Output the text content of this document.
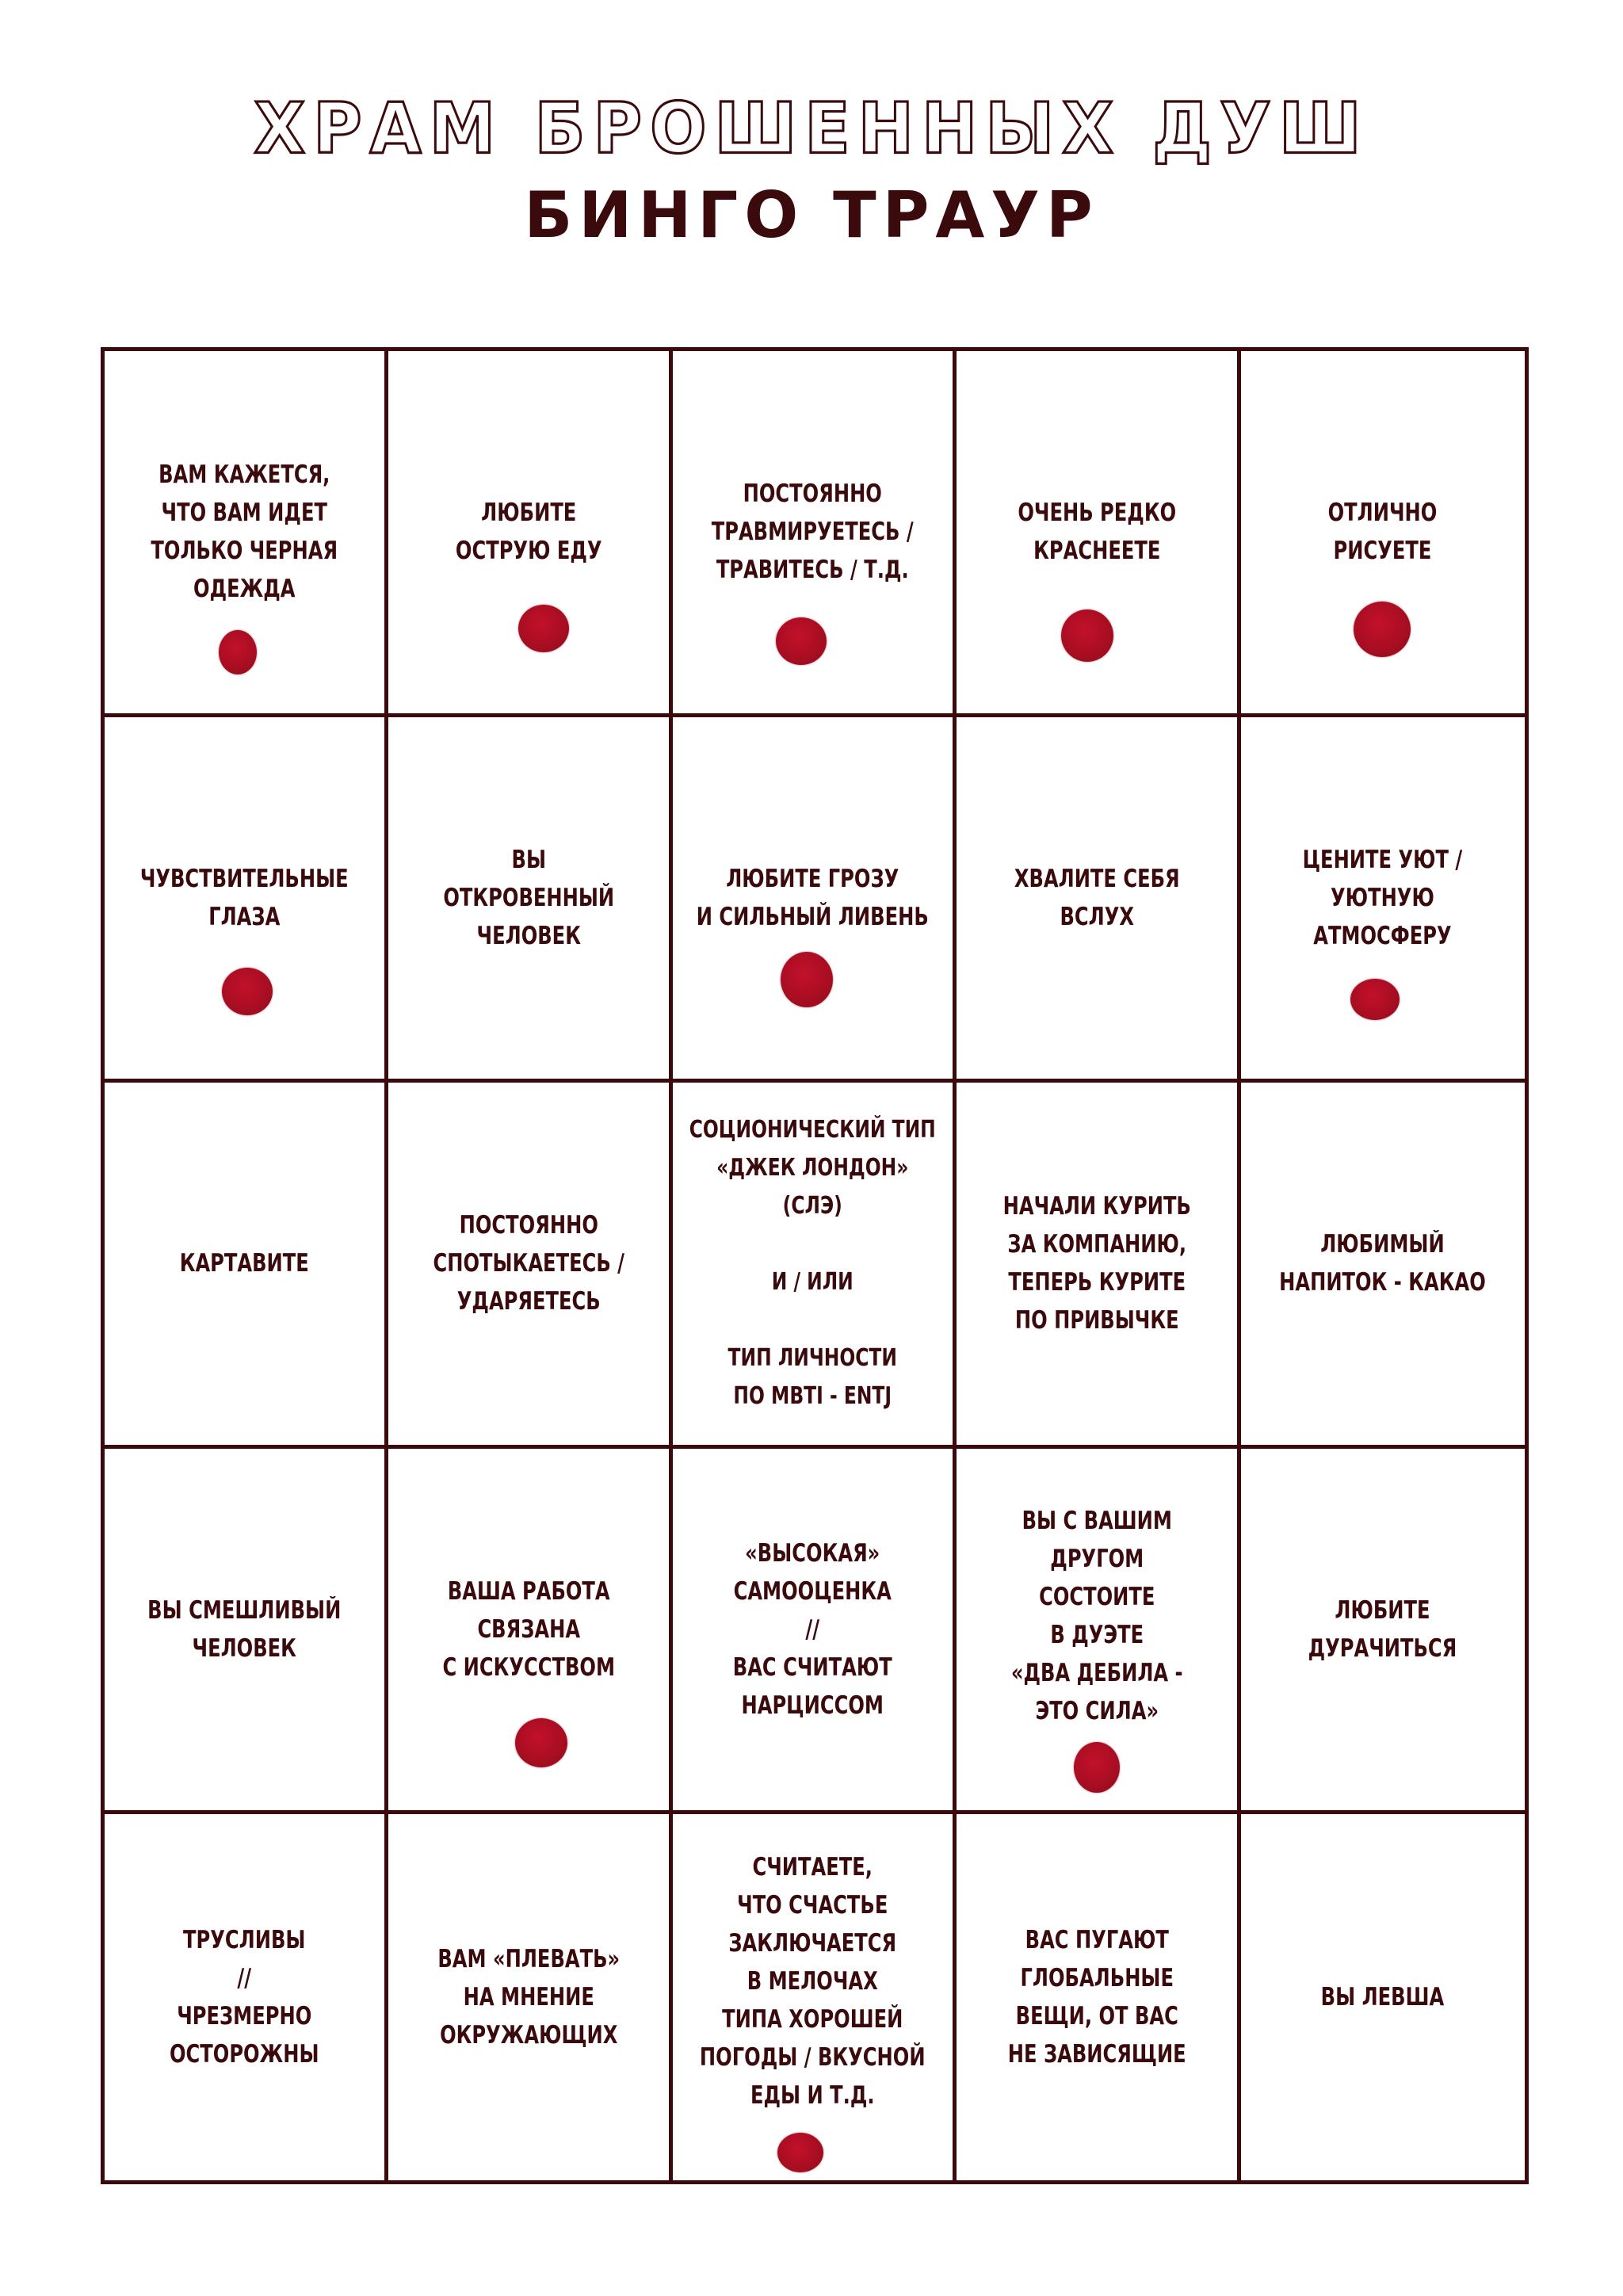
ХРАМ БРОШЕННЫХ ДУШ
БИНГО ТРАУР
ВАМ КАЖЕТСЯ,
ЧТО ВАМ ИДЕТ
ТОЛЬКО ЧЕРНАЯ
ОДЕЖДА
ЛЮБИТЕ
ОСТРУЮ ЕДУ
ПОСТОЯННО
ТРАВМИРУЕТЕСЬ /
ТРАВИТЕСЬ / Т.Д.
ОЧЕНЬ РЕДКО
КРАСНЕЕТЕ
ОТЛИЧНО
РИСУЕТЕ
ЧУВСТВИТЕЛЬНЫЕ
ГЛАЗА
ВЫ
ОТКРОВЕННЫЙ
ЧЕЛОВЕК
ЛЮБИТЕ ГРОЗУ
И СИЛЬНЫЙ ЛИВЕНЬ
ХВАЛИТЕ СЕБЯ
ВСЛУХ
ЦЕНИТЕ УЮТ /
УЮТНУЮ
АТМОСФЕРУ
КАРТАВИТЕ
ПОСТОЯННО
СПОТЫКАЕТЕСЬ /
УДАРЯЕТЕСЬ
СОЦИОНИЧЕСКИЙ ТИП
«ДЖЕК ЛОНДОН»
(СЛЭ)

И / ИЛИ

ТИП ЛИЧНОСТИ
ПО MBTI - ENTJ
НАЧАЛИ КУРИТЬ
ЗА КОМПАНИЮ,
ТЕПЕРЬ КУРИТЕ
ПО ПРИВЫЧКЕ
ЛЮБИМЫЙ
НАПИТОК - КАКАО
ВЫ СМЕШЛИВЫЙ
ЧЕЛОВЕК
ВАША РАБОТА
СВЯЗАНА
С ИСКУССТВОМ
«ВЫСОКАЯ»
САМООЦЕНКА
//
ВАС СЧИТАЮТ
НАРЦИССОМ
ВЫ С ВАШИМ
ДРУГОМ
СОСТОИТЕ
В ДУЭТЕ
«ДВА ДЕБИЛА -
ЭТО СИЛА»
ЛЮБИТЕ
ДУРАЧИТЬСЯ
ТРУСЛИВЫ
//
ЧРЕЗМЕРНО
ОСТОРОЖНЫ
ВАМ «ПЛЕВАТЬ»
НА МНЕНИЕ
ОКРУЖАЮЩИХ
СЧИТАЕТЕ,
ЧТО СЧАСТЬЕ
ЗАКЛЮЧАЕТСЯ
В МЕЛОЧАХ
ТИПА ХОРОШЕЙ
ПОГОДЫ / ВКУСНОЙ
ЕДЫ И Т.Д.
ВАС ПУГАЮТ
ГЛОБАЛЬНЫЕ
ВЕЩИ, ОТ ВАС
НЕ ЗАВИСЯЩИЕ
ВЫ ЛЕВША
